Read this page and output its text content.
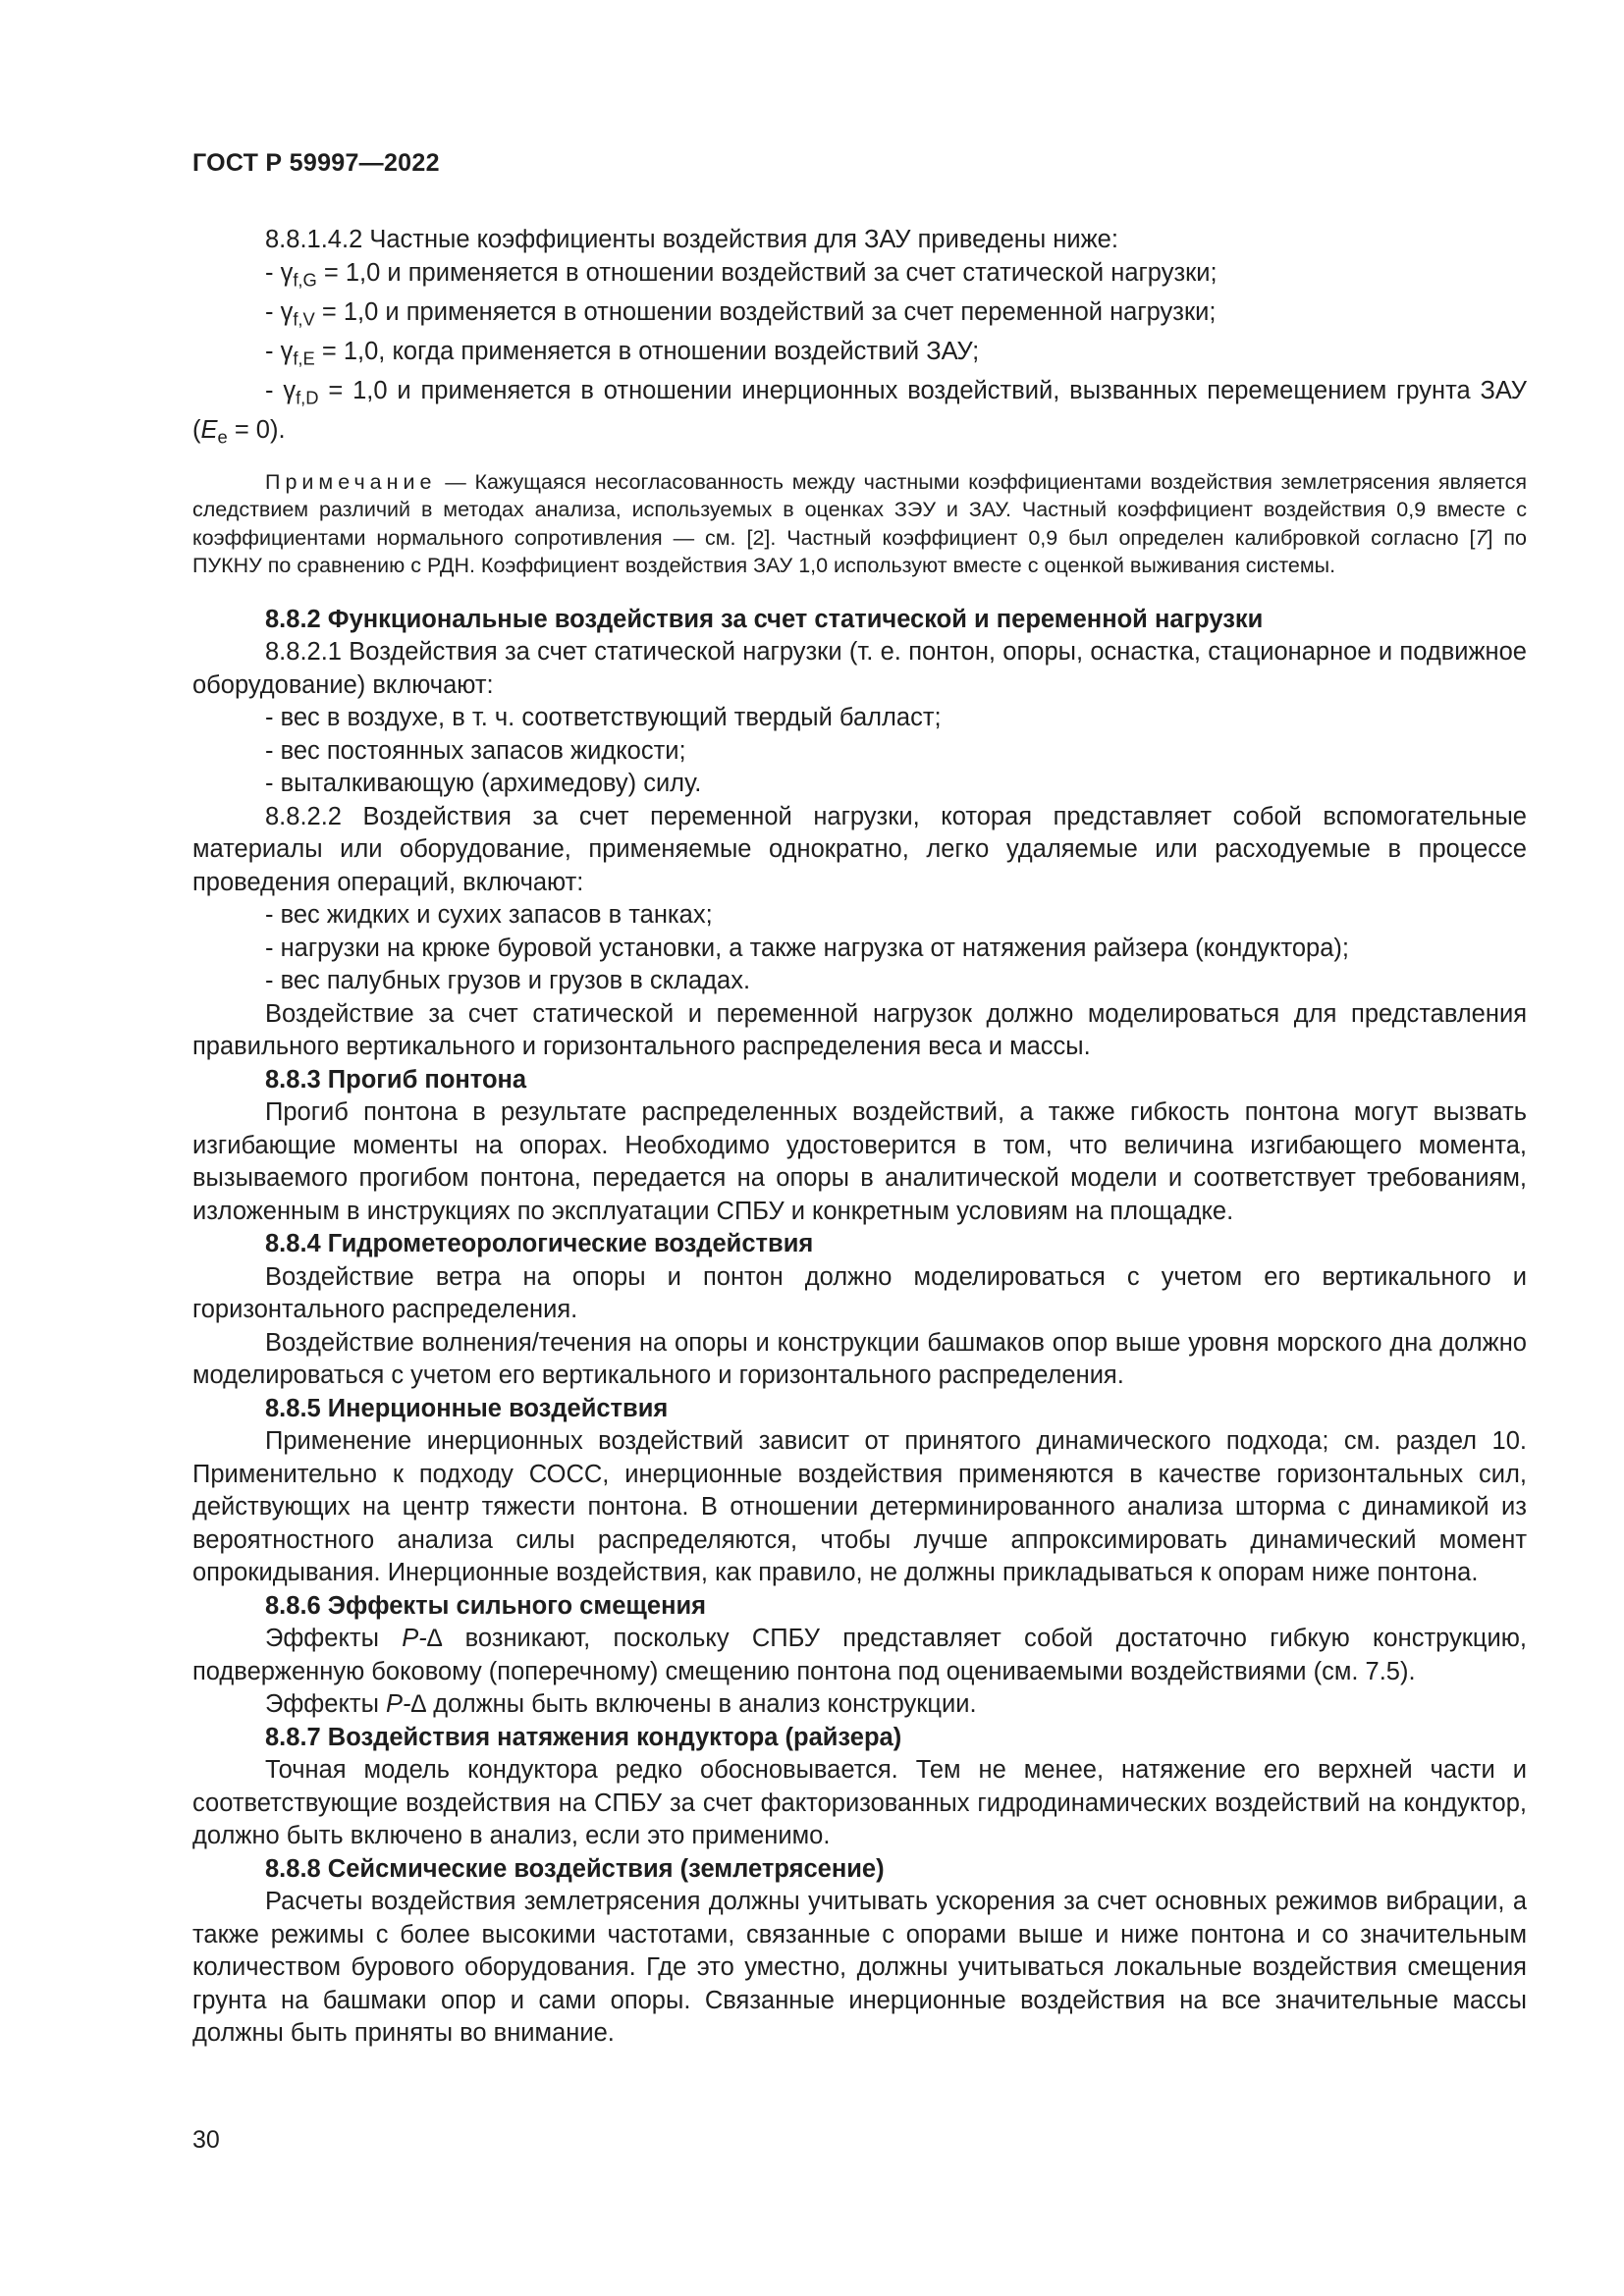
ГОСТ Р 59997—2022

8.8.1.4.2 Частные коэффициенты воздействия для ЗАУ приведены ниже:

- $\gamma_{f,G} = 1,0$ и применяется в отношении воздействий за счет статической нагрузки;

- $\gamma_{f,V} = 1,0$ и применяется в отношении воздействий за счет переменной нагрузки;

- $\gamma_{f,E} = 1,0$, когда применяется в отношении воздействий ЗАУ;

- $\gamma_{f,D} = 1,0$ и применяется в отношении инерционных воздействий, вызванных перемещением грунта ЗАУ $(E_e = 0)$.

Примечание — Кажущаяся несогласованность между частными коэффициентами воздействия землетрясения является следствием различий в методах анализа, используемых в оценках ЗЭУ и ЗАУ. Частный коэффициент воздействия 0,9 вместе с коэффициентами нормального сопротивления — см. [2]. Частный коэффициент 0,9 был определен калибровкой согласно [7] по ПУКНУ по сравнению с РДН. Коэффициент воздействия ЗАУ 1,0 используют вместе с оценкой выживания системы.

8.8.2 Функциональные воздействия за счет статической и переменной нагрузки

8.8.2.1 Воздействия за счет статической нагрузки (т. е. понтон, опоры, оснастка, стационарное и подвижное оборудование) включают:

- вес в воздухе, в т. ч. соответствующий твердый балласт;

- вес постоянных запасов жидкости;

- выталкивающую (архимедову) силу.

8.8.2.2 Воздействия за счет переменной нагрузки, которая представляет собой вспомогательные материалы или оборудование, применяемые однократно, легко удаляемые или расходуемые в процессе проведения операций, включают:

- вес жидких и сухих запасов в танках;

- нагрузки на крюке буровой установки, а также нагрузка от натяжения райзера (кондуктора);

- вес палубных грузов и грузов в складах.

Воздействие за счет статической и переменной нагрузок должно моделироваться для представления правильного вертикального и горизонтального распределения веса и массы.

8.8.3 Прогиб понтона

Прогиб понтона в результате распределенных воздействий, а также гибкость понтона могут вызвать изгибающие моменты на опорах. Необходимо удостоверится в том, что величина изгибающего момента, вызываемого прогибом понтона, передается на опоры в аналитической модели и соответствует требованиям, изложенным в инструкциях по эксплуатации СПБУ и конкретным условиям на площадке.

8.8.4 Гидрометеорологические воздействия

Воздействие ветра на опоры и понтон должно моделироваться с учетом его вертикального и горизонтального распределения.

Воздействие волнения/течения на опоры и конструкции башмаков опор выше уровня морского дна должно моделироваться с учетом его вертикального и горизонтального распределения.

8.8.5 Инерционные воздействия

Применение инерционных воздействий зависит от принятого динамического подхода; см. раздел 10. Применительно к подходу СОСС, инерционные воздействия применяются в качестве горизонтальных сил, действующих на центр тяжести понтона. В отношении детерминированного анализа шторма с динамикой из вероятностного анализа силы распределяются, чтобы лучше аппроксимировать динамический момент опрокидывания. Инерционные воздействия, как правило, не должны прикладываться к опорам ниже понтона.

8.8.6 Эффекты сильного смещения

Эффекты P-∆ возникают, поскольку СПБУ представляет собой достаточно гибкую конструкцию, подверженную боковому (поперечному) смещению понтона под оцениваемыми воздействиями (см. 7.5).

Эффекты P-∆ должны быть включены в анализ конструкции.

8.8.7 Воздействия натяжения кондуктора (райзера)

Точная модель кондуктора редко обосновывается. Тем не менее, натяжение его верхней части и соответствующие воздействия на СПБУ за счет факторизованных гидродинамических воздействий на кондуктор, должно быть включено в анализ, если это применимо.

8.8.8 Сейсмические воздействия (землетрясение)

Расчеты воздействия землетрясения должны учитывать ускорения за счет основных режимов вибрации, а также режимы с более высокими частотами, связанные с опорами выше и ниже понтона и со значительным количеством бурового оборудования. Где это уместно, должны учитываться локальные воздействия смещения грунта на башмаки опор и сами опоры. Связанные инерционные воздействия на все значительные массы должны быть приняты во внимание.

30
